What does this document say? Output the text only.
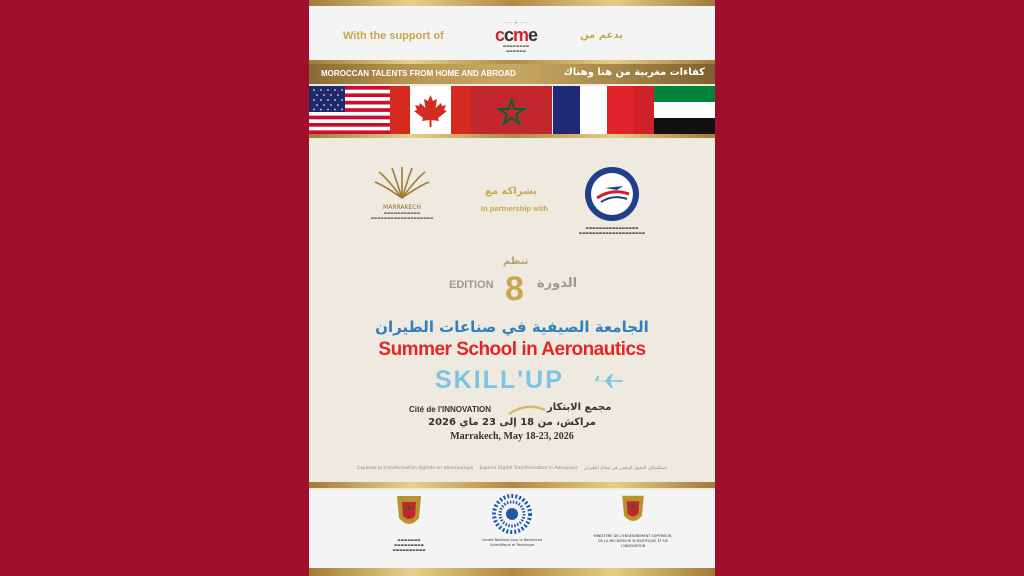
With the support of
⸻ ✦ ⸻
ccme
▬▬▬▬▬▬▬▬
▬▬▬▬▬▬
بدعم من
MOROCCAN TALENTS FROM HOME AND ABROAD	كفاءات مغربية من هنا وهناك
MARRAKECH
▬▬▬▬▬▬▬▬▬▬▬
▬▬▬▬▬▬▬▬▬▬▬▬▬▬▬▬▬▬▬
بشراكة مع
In partnership with
▬▬▬▬▬▬▬▬▬▬▬▬▬▬▬▬
▬▬▬▬▬▬▬▬▬▬▬▬▬▬▬▬▬▬▬▬
تنظم
EDITION 8 الدورة
الجامعة الصيفية في صناعات الطيران
Summer School in Aeronautics
SKILL'UP
Cité de l'INNOVATION	مجمع الابتكار
مراكش، من 18 إلى 23 ماي 2026
Marrakech, May 18-23, 2026
Explorez la transformation digitale en aéronautique Explore Digital Transformation in Aerospace استكشاف التحول الرقمي في مجال الطيران
▬▬▬▬▬▬▬
▬▬▬▬▬▬▬▬▬
▬▬▬▬▬▬▬▬▬▬
Centre National pour la Recherche Scientifique et Technique
MINISTÈRE DE L'ENSEIGNEMENT SUPÉRIEUR, DE LA RECHERCHE SCIENTIFIQUE ET DE L'INNOVATION
